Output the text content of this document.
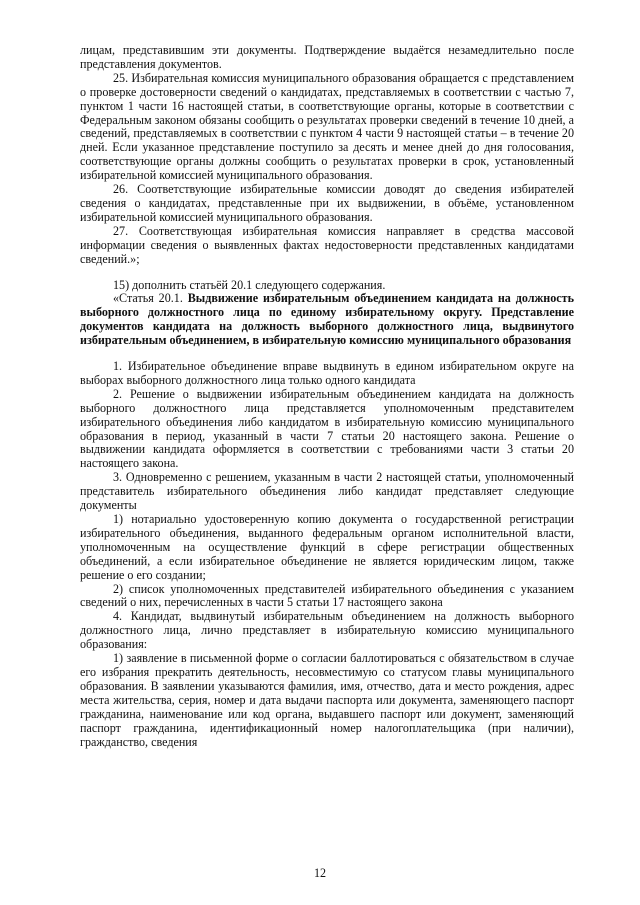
лицам, представившим эти документы. Подтверждение выдаётся незамедлительно после представления документов.

25. Избирательная комиссия муниципального образования обращается с представлением о проверке достоверности сведений о кандидатах, представляемых в соответствии с частью 7, пунктом 1 части 16 настоящей статьи, в соответствующие органы, которые в соответствии с Федеральным законом обязаны сообщить о результатах проверки сведений в течение 10 дней, а сведений, представляемых в соответствии с пунктом 4 части 9 настоящей статьи – в течение 20 дней. Если указанное представление поступило за десять и менее дней до дня голосования, соответствующие органы должны сообщить о результатах проверки в срок, установленный избирательной комиссией муниципального образования.

26. Соответствующие избирательные комиссии доводят до сведения избирателей сведения о кандидатах, представленные при их выдвижении, в объёме, установленном избирательной комиссией муниципального образования.

27. Соответствующая избирательная комиссия направляет в средства массовой информации сведения о выявленных фактах недостоверности представленных кандидатами сведений.»;

15) дополнить статьёй 20.1 следующего содержания.

«Статья 20.1. Выдвижение избирательным объединением кандидата на должность выборного должностного лица по единому избирательному округу. Представление документов кандидата на должность выборного должностного лица, выдвинутого избирательным объединением, в избирательную комиссию муниципального образования

1. Избирательное объединение вправе выдвинуть в едином избирательном округе на выборах выборного должностного лица только одного кандидата

2. Решение о выдвижении избирательным объединением кандидата на должность выборного должностного лица представляется уполномоченным представителем избирательного объединения либо кандидатом в избирательную комиссию муниципального образования в период, указанный в части 7 статьи 20 настоящего закона. Решение о выдвижении кандидата оформляется в соответствии с требованиями части 3 статьи 20 настоящего закона.

3. Одновременно с решением, указанным в части 2 настоящей статьи, уполномоченный представитель избирательного объединения либо кандидат представляет следующие документы

1) нотариально удостоверенную копию документа о государственной регистрации избирательного объединения, выданного федеральным органом исполнительной власти, уполномоченным на осуществление функций в сфере регистрации общественных объединений, а если избирательное объединение не является юридическим лицом, также решение о его создании;

2) список уполномоченных представителей избирательного объединения с указанием сведений о них, перечисленных в части 5 статьи 17 настоящего закона

4. Кандидат, выдвинутый избирательным объединением на должность выборного должностного лица, лично представляет в избирательную комиссию муниципального образования:

1) заявление в письменной форме о согласии баллотироваться с обязательством в случае его избрания прекратить деятельность, несовместимую со статусом главы муниципального образования. В заявлении указываются фамилия, имя, отчество, дата и место рождения, адрес места жительства, серия, номер и дата выдачи паспорта или документа, заменяющего паспорт гражданина, наименование или код органа, выдавшего паспорт или документ, заменяющий паспорт гражданина, идентификационный номер налогоплательщика (при наличии), гражданство, сведения

12
